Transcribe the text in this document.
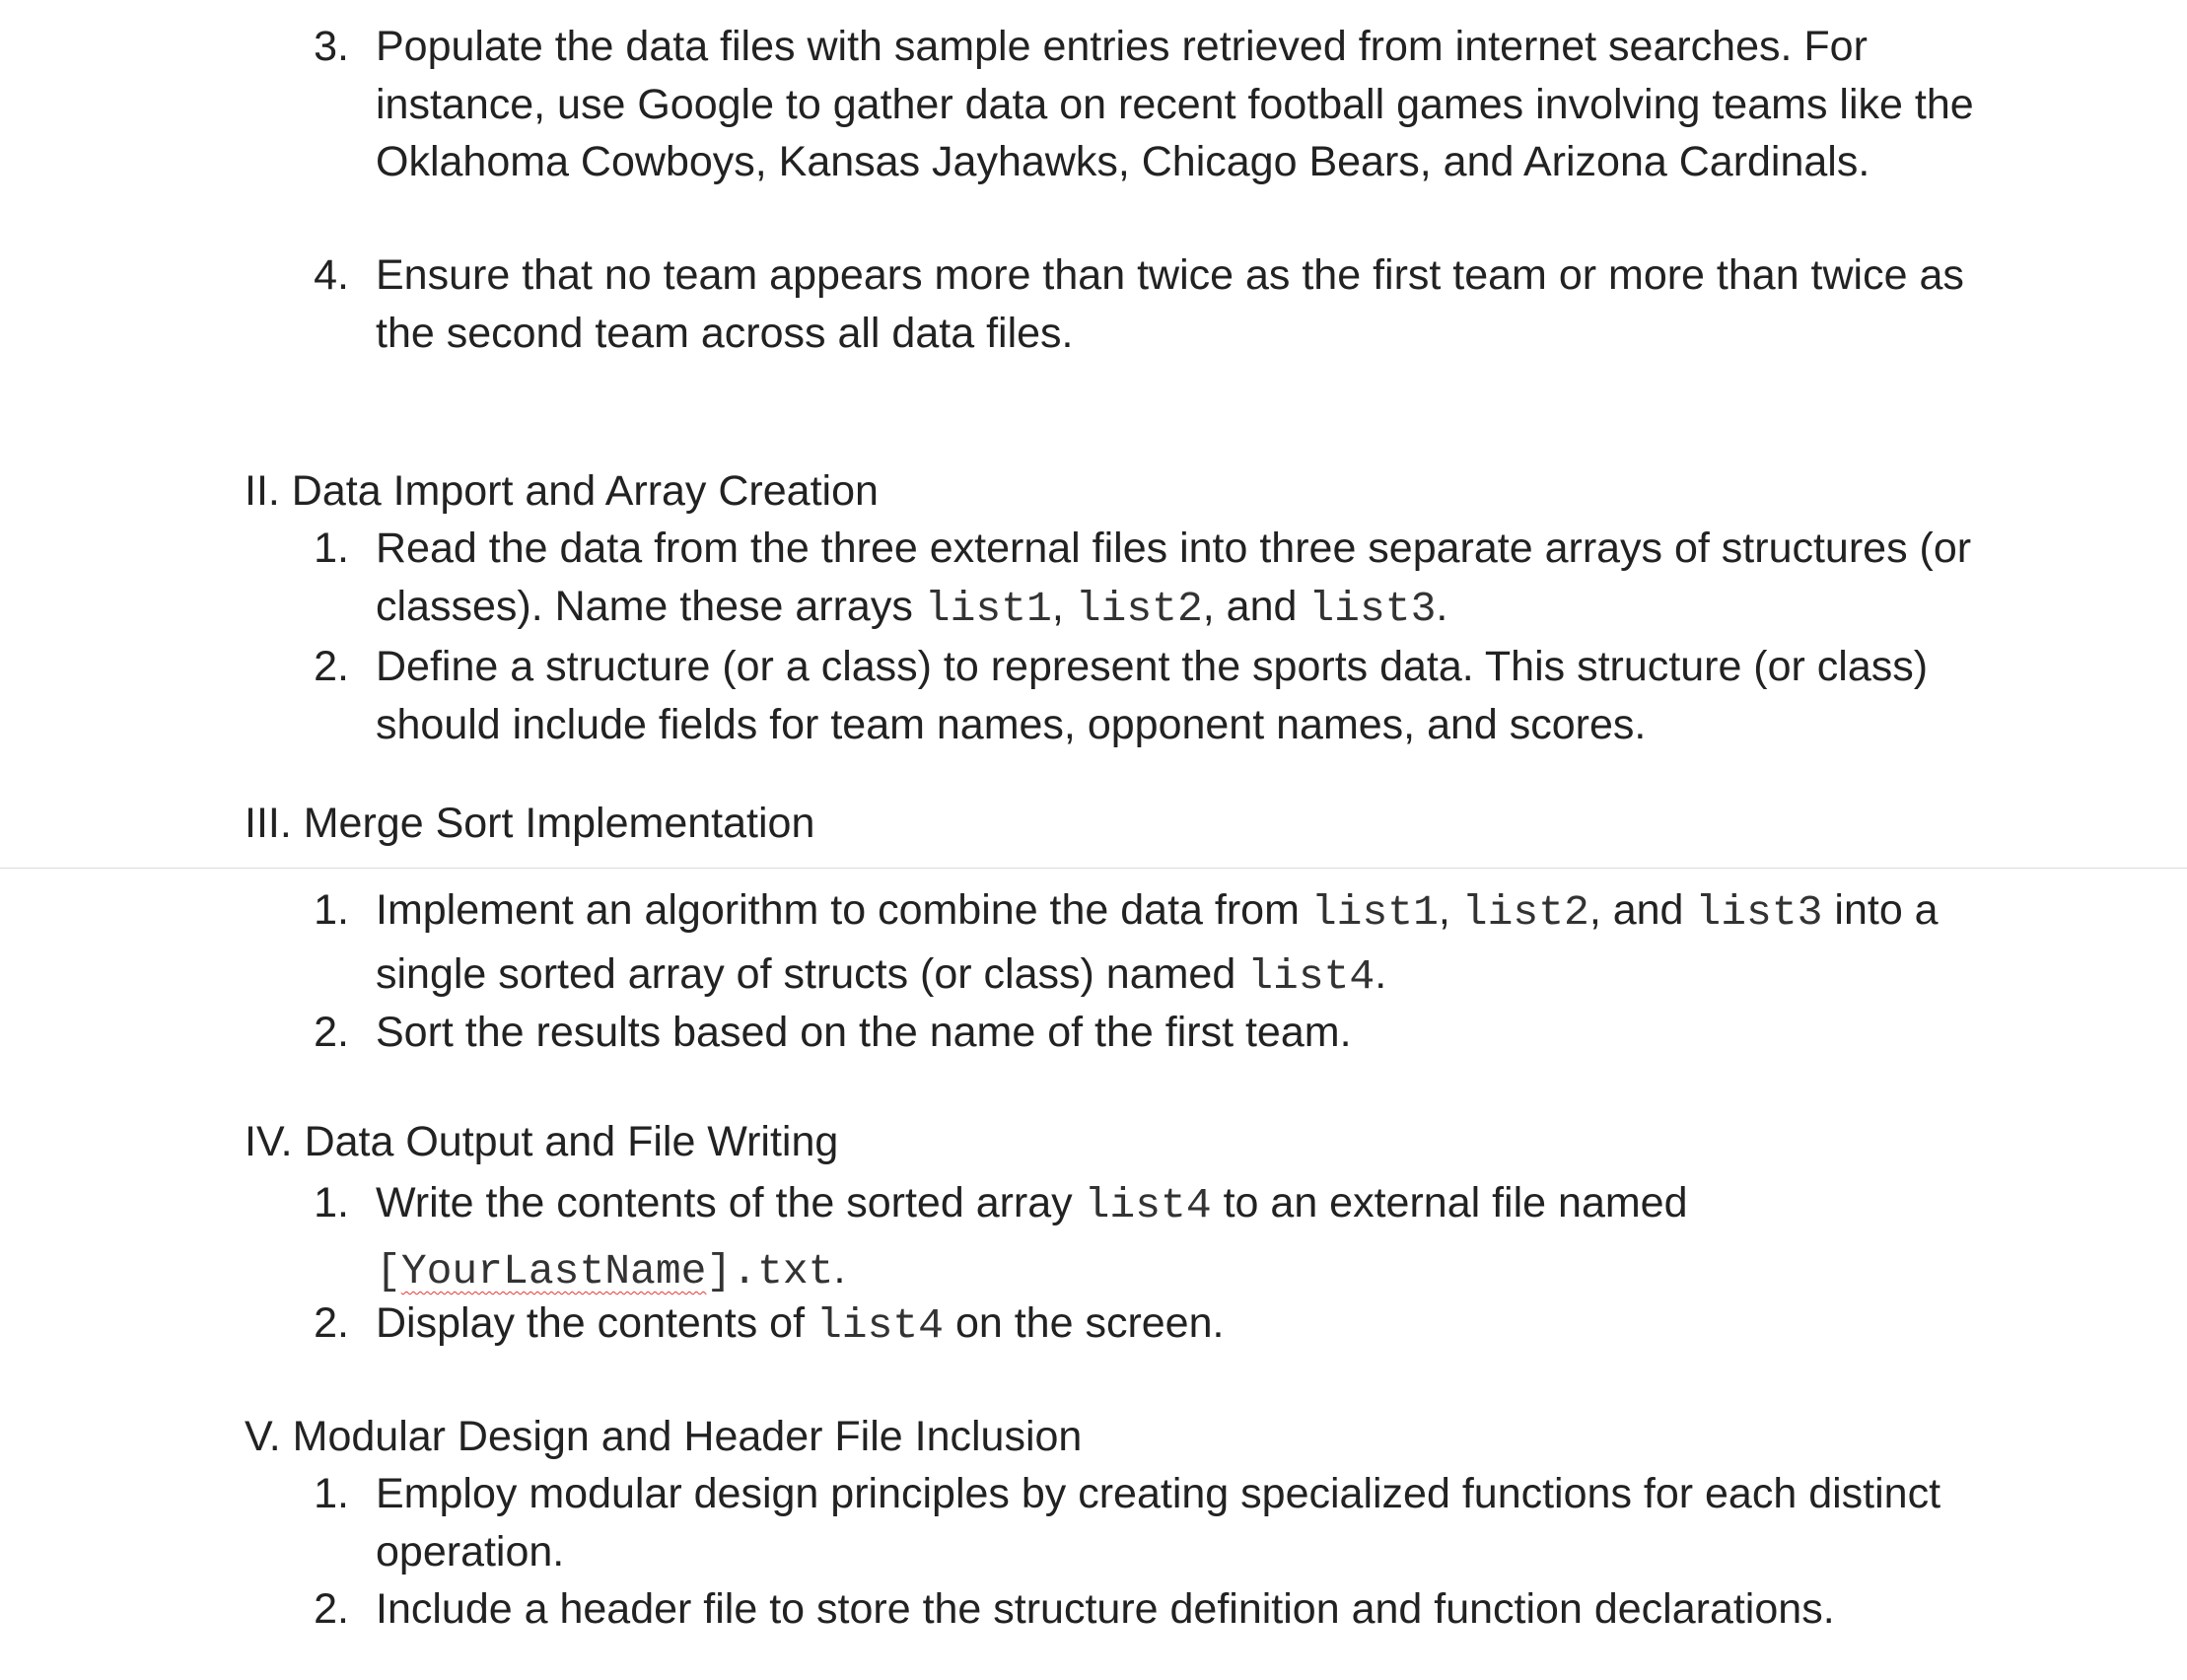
3. Populate the data files with sample entries retrieved from internet searches. For instance, use Google to gather data on recent football games involving teams like the Oklahoma Cowboys, Kansas Jayhawks, Chicago Bears, and Arizona Cardinals.
4. Ensure that no team appears more than twice as the first team or more than twice as the second team across all data files.
II. Data Import and Array Creation
1. Read the data from the three external files into three separate arrays of structures (or classes). Name these arrays list1, list2, and list3.
2. Define a structure (or a class) to represent the sports data. This structure (or class) should include fields for team names, opponent names, and scores.
III. Merge Sort Implementation
1. Implement an algorithm to combine the data from list1, list2, and list3 into a single sorted array of structs (or class) named list4.
2. Sort the results based on the name of the first team.
IV. Data Output and File Writing
1. Write the contents of the sorted array list4 to an external file named
[YourLastName].txt.
2. Display the contents of list4 on the screen.
V. Modular Design and Header File Inclusion
1. Employ modular design principles by creating specialized functions for each distinct operation.
2. Include a header file to store the structure definition and function declarations.
